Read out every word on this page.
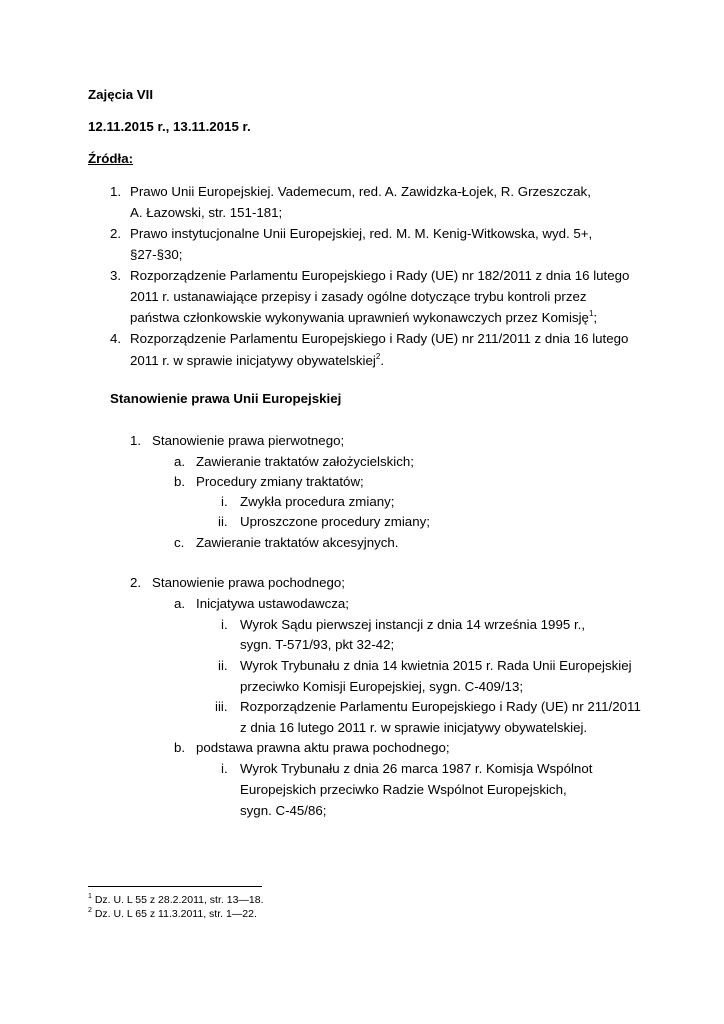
Zajęcia VII
12.11.2015 r., 13.11.2015 r.
Źródła:
1. Prawo Unii Europejskiej. Vademecum, red. A. Zawidzka-Łojek, R. Grzeszczak,
A. Łazowski, str. 151-181;
2. Prawo instytucjonalne Unii Europejskiej, red. M. M. Kenig-Witkowska, wyd. 5+,
§27-§30;
3. Rozporządzenie Parlamentu Europejskiego i Rady (UE) nr 182/2011 z dnia 16 lutego
2011 r. ustanawiające przepisy i zasady ogólne dotyczące trybu kontroli przez
państwa członkowskie wykonywania uprawnień wykonawczych przez Komisję$^1$;
4. Rozporządzenie Parlamentu Europejskiego i Rady (UE) nr 211/2011 z dnia 16 lutego
2011 r. w sprawie inicjatywy obywatelskiej$^2$.
Stanowienie prawa Unii Europejskiej
1. Stanowienie prawa pierwotnego;
a. Zawieranie traktatów założycielskich;
b. Procedury zmiany traktatów;
i. Zwykła procedura zmiany;
ii. Uproszczone procedury zmiany;
c. Zawieranie traktatów akcesyjnych.
2. Stanowienie prawa pochodnego;
a. Inicjatywa ustawodawcza;
i. Wyrok Sądu pierwszej instancji z dnia 14 września 1995 r.,
sygn. T-571/93, pkt 32-42;
ii. Wyrok Trybunału z dnia 14 kwietnia 2015 r. Rada Unii Europejskiej
przeciwko Komisji Europejskiej, sygn. C-409/13;
iii. Rozporządzenie Parlamentu Europejskiego i Rady (UE) nr 211/2011
z dnia 16 lutego 2011 r. w sprawie inicjatywy obywatelskiej.
b. podstawa prawna aktu prawa pochodnego;
i. Wyrok Trybunału z dnia 26 marca 1987 r. Komisja Wspólnot
Europejskich przeciwko Radzie Wspólnot Europejskich,
sygn. C-45/86;
$^1$ Dz. U. L 55 z 28.2.2011, str. 13—18.
$^2$ Dz. U. L 65 z 11.3.2011, str. 1—22.
